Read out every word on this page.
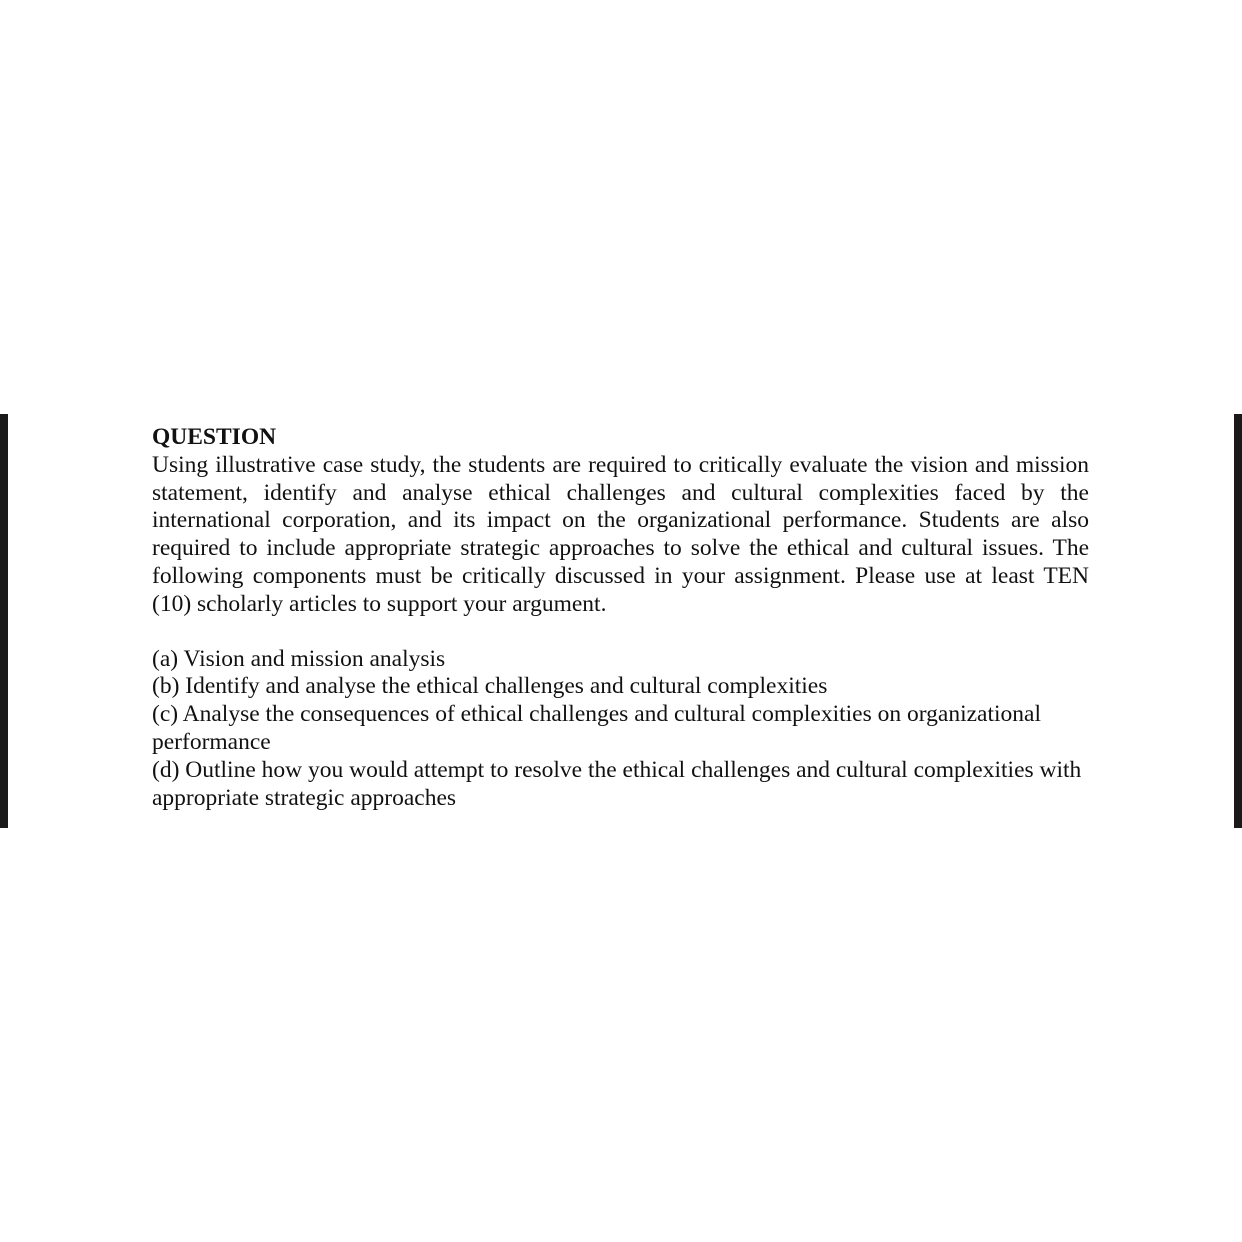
QUESTION

Using illustrative case study, the students are required to critically evaluate the vision and mission statement, identify and analyse ethical challenges and cultural complexities faced by the international corporation, and its impact on the organizational performance. Students are also required to include appropriate strategic approaches to solve the ethical and cultural issues. The following components must be critically discussed in your assignment. Please use at least TEN (10) scholarly articles to support your argument.

(a) Vision and mission analysis
(b) Identify and analyse the ethical challenges and cultural complexities
(c) Analyse the consequences of ethical challenges and cultural complexities on organizational performance
(d) Outline how you would attempt to resolve the ethical challenges and cultural complexities with appropriate strategic approaches
